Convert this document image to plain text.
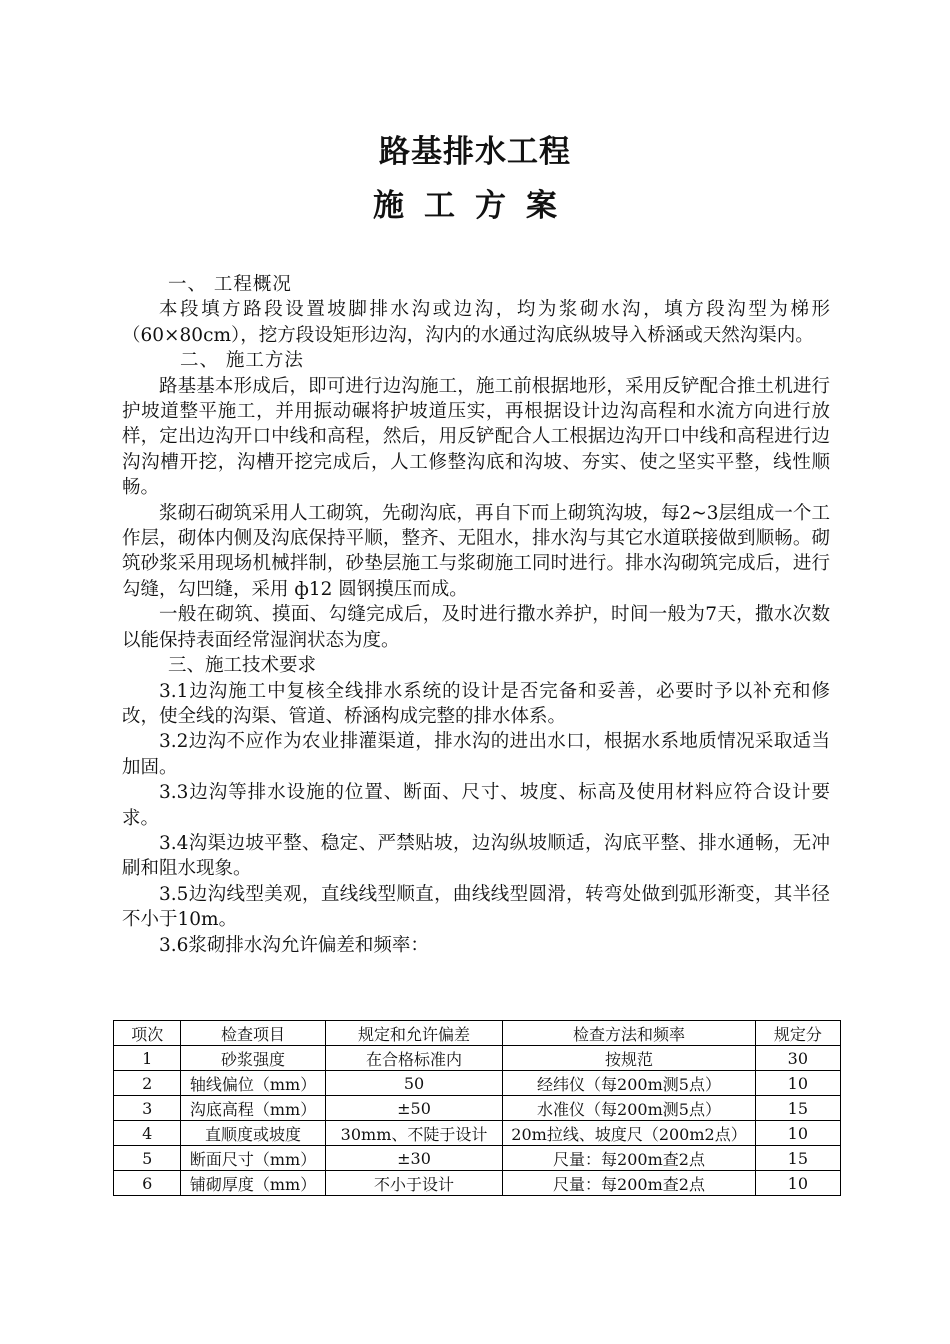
路基排水工程
施工方案

一、 工程概况

本段填方路段设置坡脚排水沟或边沟，均为浆砌水沟，填方段沟型为梯形（60×80cm），挖方段设矩形边沟，沟内的水通过沟底纵坡导入桥涵或天然沟渠内。

二、 施工方法

路基基本形成后，即可进行边沟施工，施工前根据地形，采用反铲配合推土机进行护坡道整平施工，并用振动碾将护坡道压实，再根据设计边沟高程和水流方向进行放样，定出边沟开口中线和高程，然后，用反铲配合人工根据边沟开口中线和高程进行边沟沟槽开挖，沟槽开挖完成后，人工修整沟底和沟坡、夯实、使之坚实平整，线性顺畅。

浆砌石砌筑采用人工砌筑，先砌沟底，再自下而上砌筑沟坡，每2~3层组成一个工作层，砌体内侧及沟底保持平顺，整齐、无阻水，排水沟与其它水道联接做到顺畅。砌筑砂浆采用现场机械拌制，砂垫层施工与浆砌施工同时进行。排水沟砌筑完成后，进行勾缝，勾凹缝，采用 ф12 圆钢摸压而成。

一般在砌筑、摸面、勾缝完成后，及时进行撒水养护，时间一般为7天，撒水次数以能保持表面经常湿润状态为度。

三、施工技术要求

3.1边沟施工中复核全线排水系统的设计是否完备和妥善，必要时予以补充和修改，使全线的沟渠、管道、桥涵构成完整的排水体系。

3.2边沟不应作为农业排灌渠道，排水沟的进出水口，根据水系地质情况采取适当加固。

3.3边沟等排水设施的位置、断面、尺寸、坡度、标高及使用材料应符合设计要求。

3.4沟渠边坡平整、稳定、严禁贴坡，边沟纵坡顺适，沟底平整、排水通畅，无冲刷和阻水现象。

3.5边沟线型美观，直线线型顺直，曲线线型圆滑，转弯处做到弧形渐变，其半径不小于10m。

3.6浆砌排水沟允许偏差和频率：

项次	检查项目	规定和允许偏差	检查方法和频率	规定分
1	砂浆强度	在合格标准内	按规范	30
2	轴线偏位（mm）	50	经纬仪（每200m测5点）	10
3	沟底高程（mm）	±50	水准仪（每200m测5点）	15
4	直顺度或坡度	30mm、不陡于设计	20m拉线、坡度尺（200m2点）	10
5	断面尺寸（mm）	±30	尺量：每200m查2点	15
6	铺砌厚度（mm）	不小于设计	尺量：每200m查2点	10
